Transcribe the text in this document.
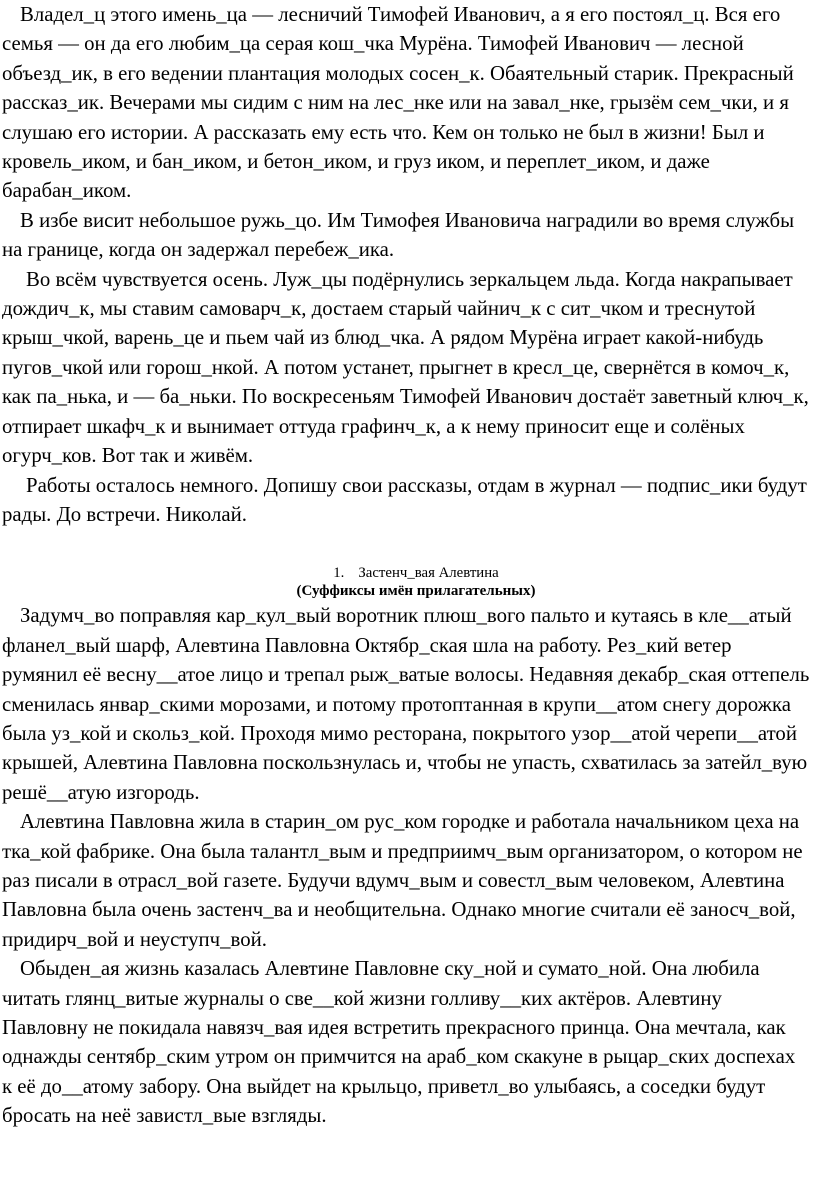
Владел_ц этого имень_ца — лесничий Тимофей Иванович, а я его постоял_ц. Вся его семья — он да его любим_ца серая кош_чка Мурёна. Тимофей Иванович — лесной объезд_ик, в его ведении плантация молодых сосен_к. Обаятельный старик. Прекрасный рассказ_ик. Вечерами мы сидим с ним на лес_нке или на завал_нке, грызём сем_чки, и я слушаю его истории. А рассказать ему есть что. Кем он только не был в жизни! Был и кровель_иком, и бан_иком, и бетон_иком, и груз иком, и переплет_иком, и даже барабан_иком.

В избе висит небольшое ружь_цо. Им Тимофея Ивановича наградили во время службы на границе, когда он задержал перебеж_ика.

Во всём чувствуется осень. Луж_цы подёрнулись зеркальцем льда. Когда накрапывает дождич_к, мы ставим самоварч_к, достаем старый чайнич_к с сит_чком и треснутой крыш_чкой, варень_це и пьем чай из блюд_чка. А рядом Мурёна играет какой-нибудь пугов_чкой или горош_нкой. А потом устанет, прыгнет в кресл_це, свернётся в комоч_к, как па_нька, и — ба_ньки. По воскресеньям Тимофей Иванович достаёт заветный ключ_к, отпирает шкафч_к и вынимает оттуда графинч_к, а к нему приносит еще и солёных огурч_ков. Вот так и живём.

Работы осталось немного. Допишу свои рассказы, отдам в журнал — подпис_ики будут рады. До встречи. Николай.

1. Застенч_вая Алевтина

(Суффиксы имён прилагательных)

Задумч_во поправляя кар_кул_вый воротник плюш_вого пальто и кутаясь в кле__атый фланел_вый шарф, Алевтина Павловна Октябр_ская шла на работу. Рез_кий ветер румянил её весну__атое лицо и трепал рыж_ватые волосы. Недавняя декабр_ская оттепель сменилась январ_скими морозами, и потому протоптанная в крупи__атом снегу дорожка была уз_кой и скольз_кой. Проходя мимо ресторана, покрытого узор__атой черепи__атой крышей, Алевтина Павловна поскользнулась и, чтобы не упасть, схватилась за затейл_вую решё__атую изгородь.

Алевтина Павловна жила в старин_ом рус_ком городке и работала начальником цеха на тка_кой фабрике. Она была талантл_вым и предприимч_вым организатором, о котором не раз писали в отрасл_вой газете. Будучи вдумч_вым и совестл_вым человеком, Алевтина Павловна была очень застенч_ва и необщительна. Однако многие считали её заносч_вой, придирч_вой и неуступч_вой.

Обыден_ая жизнь казалась Алевтине Павловне ску_ной и сумато_ной. Она любила читать глянц_витые журналы о све__кой жизни голливу__ких актёров. Алевтину Павловну не покидала навязч_вая идея встретить прекрасного принца. Она мечтала, как однажды сентябр_ским утром он примчится на араб_ком скакуне в рыцар_ских доспехах к её до__атому забору. Она выйдет на крыльцо, приветл_во улыбаясь, а соседки будут бросать на неё завистл_вые взгляды.
